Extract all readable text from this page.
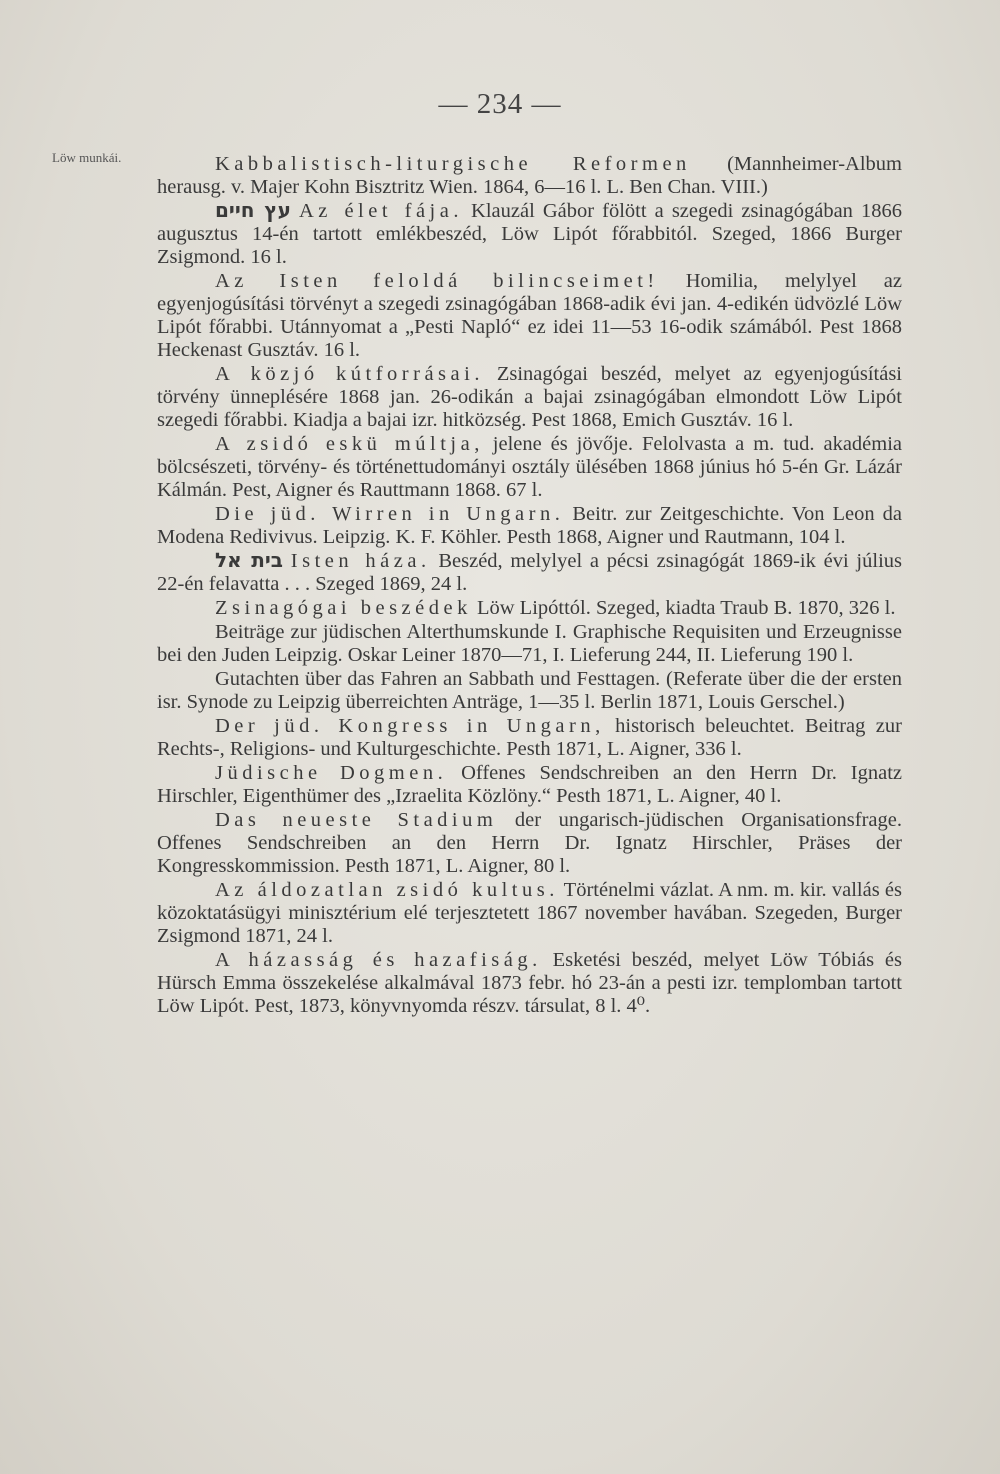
— 234 —
Löw munkái.	Kabbalistisch-liturgische Reformen (Mannheimer-Album herausg. v. Majer Kohn Bisztritz Wien. 1864, 6—16 l. L. Ben Chan. VIII.)

עץ חיים Az élet fája. Klauzál Gábor fölött a szegedi zsinagógában 1866 augusztus 14-én tartott emlékbeszéd, Löw Lipót főrabbitól. Szeged, 1866 Burger Zsigmond. 16 l.

Az Isten feloldá bilincseimet! Homilia, melylyel az egyenjogúsítási törvényt a szegedi zsinagógában 1868-adik évi jan. 4-edikén üdvözlé Löw Lipót főrabbi. Utánnyomat a „Pesti Napló“ ez idei 11—53 16-odik számából. Pest 1868 Heckenast Gusztáv. 16 l.

A közjó kútforrásai. Zsinagógai beszéd, melyet az egyenjogúsítási törvény ünneplésére 1868 jan. 26-odikán a bajai zsinagógában elmondott Löw Lipót szegedi főrabbi. Kiadja a bajai izr. hitközség. Pest 1868, Emich Gusztáv. 16 l.

A zsidó eskü múltja, jelene és jövője. Felolvasta a m. tud. akadémia bölcsészeti, törvény- és történettudományi osztály ülésében 1868 június hó 5-én Gr. Lázár Kálmán. Pest, Aigner és Rauttmann 1868. 67 l.

Die jüd. Wirren in Ungarn. Beitr. zur Zeitgeschichte. Von Leon da Modena Redivivus. Leipzig. K. F. Köhler. Pesth 1868, Aigner und Rautmann, 104 l.

בית אל Isten háza. Beszéd, melylyel a pécsi zsinagógát 1869-ik évi július 22-én felavatta . . . Szeged 1869, 24 l.

Zsinagógai beszédek Löw Lipóttól. Szeged, kiadta Traub B. 1870, 326 l.

Beiträge zur jüdischen Alterthumskunde I. Graphische Requisiten und Erzeugnisse bei den Juden Leipzig. Oskar Leiner 1870—71, I. Lieferung 244, II. Lieferung 190 l.

Gutachten über das Fahren an Sabbath und Festtagen. (Referate über die der ersten isr. Synode zu Leipzig überreichten Anträge, 1—35 l. Berlin 1871, Louis Gerschel.)

Der jüd. Kongress in Ungarn, historisch beleuchtet. Beitrag zur Rechts-, Religions- und Kulturgeschichte. Pesth 1871, L. Aigner, 336 l.

Jüdische Dogmen. Offenes Sendschreiben an den Herrn Dr. Ignatz Hirschler, Eigenthümer des „Izraelita Közlöny.“ Pesth 1871, L. Aigner, 40 l.

Das neueste Stadium der ungarisch-jüdischen Organisationsfrage. Offenes Sendschreiben an den Herrn Dr. Ignatz Hirschler, Präses der Kongresskommission. Pesth 1871, L. Aigner, 80 l.

Az áldozatlan zsidó kultus. Történelmi vázlat. A nm. m. kir. vallás és közoktatásügyi minisztérium elé terjesztetett 1867 november havában. Szegeden, Burger Zsigmond 1871, 24 l.

A házasság és hazafiság. Esketési beszéd, melyet Löw Tóbiás és Hürsch Emma összekelése alkalmával 1873 febr. hó 23-án a pesti izr. templomban tartott Löw Lipót. Pest, 1873, könyvnyomda részv. társulat, 8 l. 4⁰.
